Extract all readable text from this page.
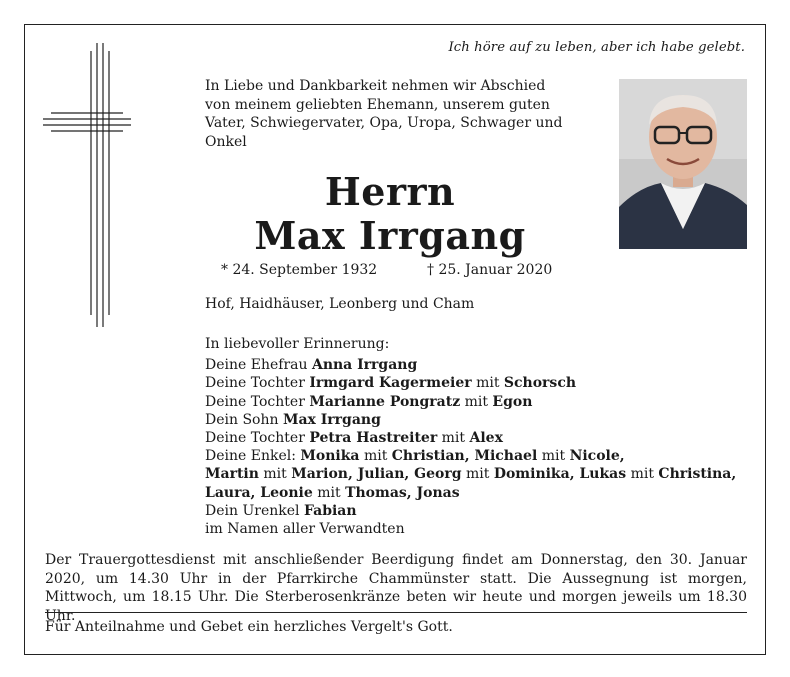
Ich höre auf zu leben, aber ich habe gelebt.
In Liebe und Dankbarkeit nehmen wir Abschied von meinem geliebten Ehemann, unserem guten Vater, Schwiegervater, Opa, Uropa, Schwager und Onkel
Herrn
Max Irrgang
* 24. September 1932	† 25. Januar 2020
Hof, Haidhäuser, Leonberg und Cham
In liebevoller Erinnerung:
Deine Ehefrau Anna Irrgang
Deine Tochter Irmgard Kagermeier mit Schorsch
Deine Tochter Marianne Pongratz mit Egon
Dein Sohn Max Irrgang
Deine Tochter Petra Hastreiter mit Alex
Deine Enkel: Monika mit Christian, Michael mit Nicole,
Martin mit Marion, Julian, Georg mit Dominika, Lukas mit Christina,
Laura, Leonie mit Thomas, Jonas
Dein Urenkel Fabian
im Namen aller Verwandten
Der Trauergottesdienst mit anschließender Beerdigung findet am Donnerstag, den 30. Januar 2020, um 14.30 Uhr in der Pfarrkirche Chammünster statt. Die Aussegnung ist morgen, Mittwoch, um 18.15 Uhr. Die Sterberosenkränze beten wir heute und morgen jeweils um 18.30 Uhr.
Für Anteilnahme und Gebet ein herzliches Vergelt's Gott.
